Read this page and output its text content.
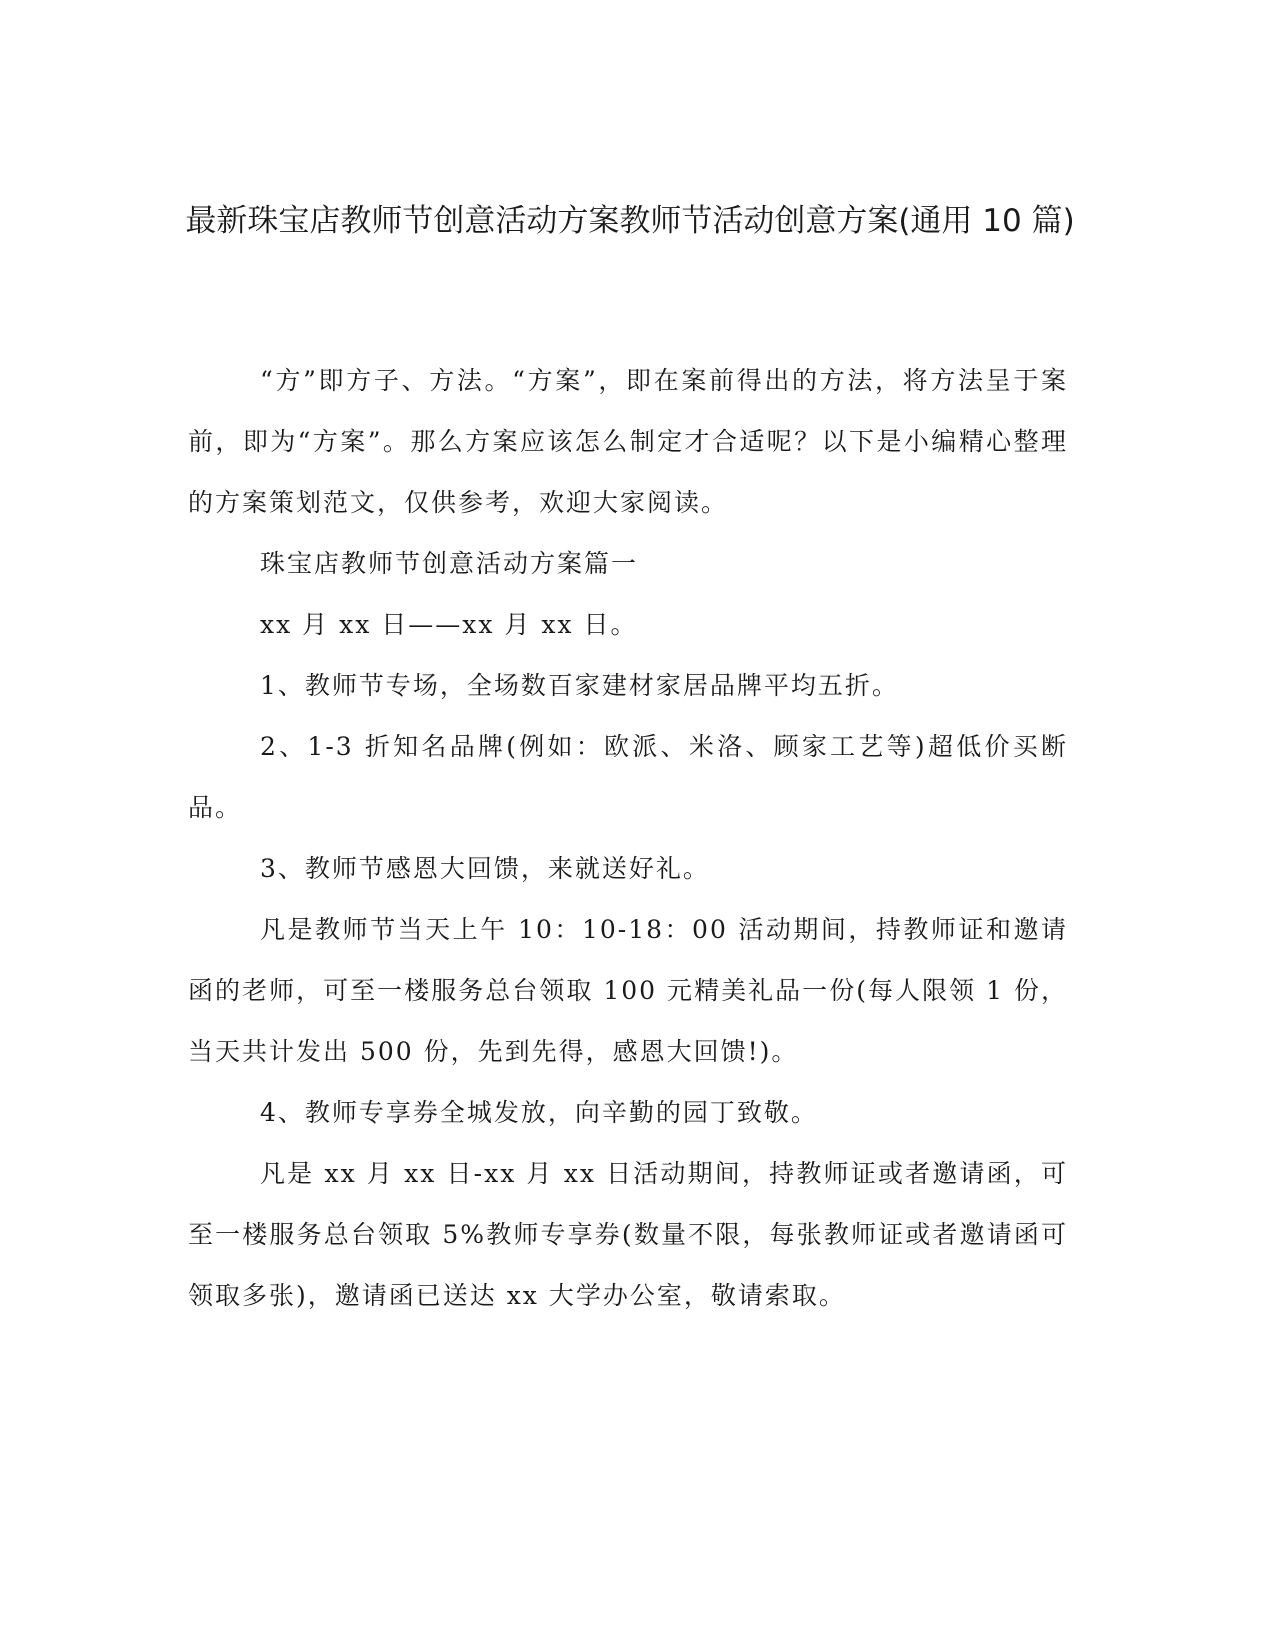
最新珠宝店教师节创意活动方案教师节活动创意方案(通用 10 篇)

“方”即方子、方法。“方案”，即在案前得出的方法，将方法呈于案前，即为“方案”。那么方案应该怎么制定才合适呢？以下是小编精心整理的方案策划范文，仅供参考，欢迎大家阅读。

珠宝店教师节创意活动方案篇一

xx 月 xx 日——xx 月 xx 日。

1、教师节专场，全场数百家建材家居品牌平均五折。

2、1-3 折知名品牌(例如：欧派、米洛、顾家工艺等)超低价买断品。

3、教师节感恩大回馈，来就送好礼。

凡是教师节当天上午 10：10-18：00 活动期间，持教师证和邀请函的老师，可至一楼服务总台领取 100 元精美礼品一份(每人限领 1 份，当天共计发出 500 份，先到先得，感恩大回馈!)。

4、教师专享券全城发放，向辛勤的园丁致敬。

凡是 xx 月 xx 日-xx 月 xx 日活动期间，持教师证或者邀请函，可至一楼服务总台领取 5%教师专享券(数量不限，每张教师证或者邀请函可领取多张)，邀请函已送达 xx 大学办公室，敬请索取。
